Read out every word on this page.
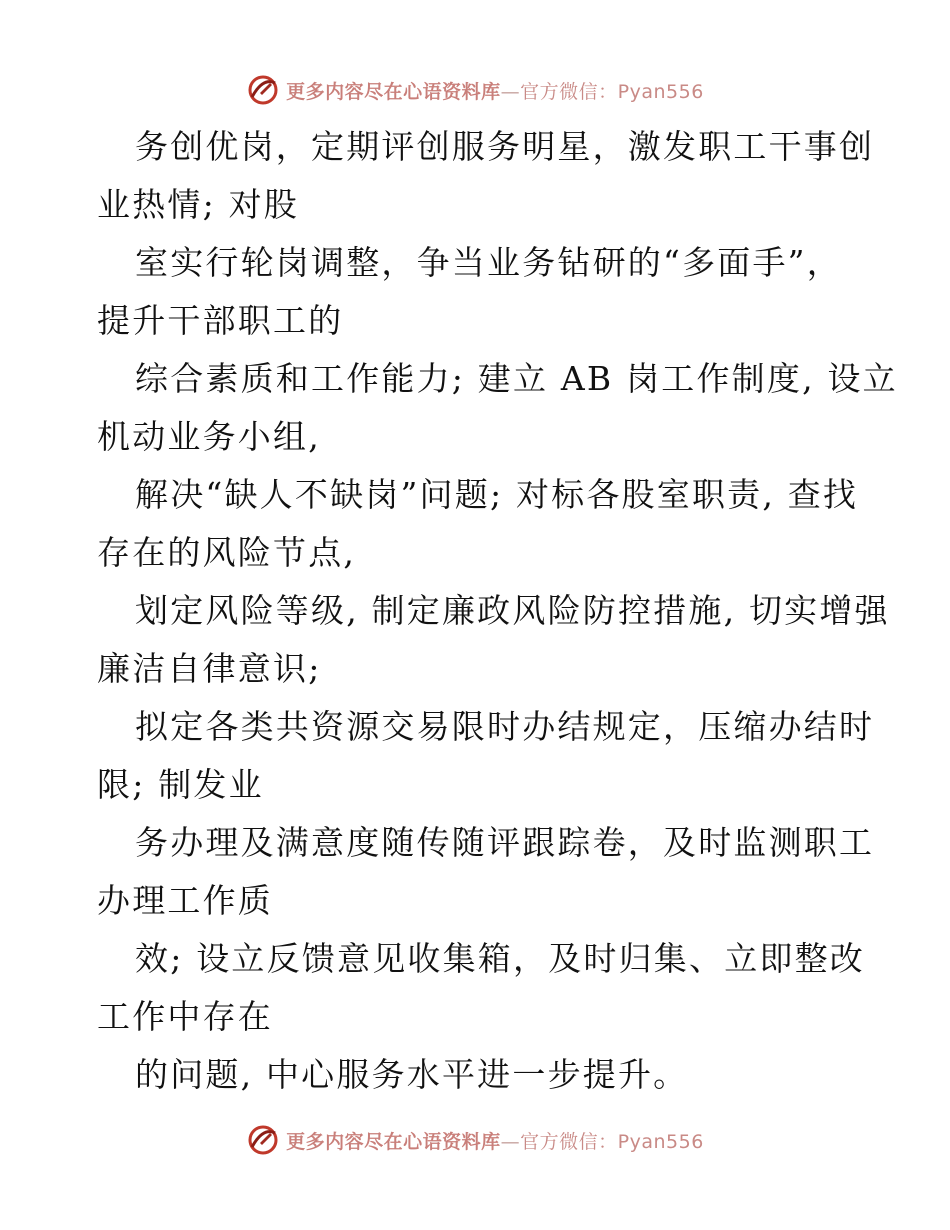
更多内容尽在心语资料库—官方微信：Pyan556
务创优岗，定期评创服务明星，激发职工干事创
业热情; 对股
室实行轮岗调整，争当业务钻研的“多面手”，
提升干部职工的
综合素质和工作能力; 建立 AB 岗工作制度, 设立
机动业务小组,
解决“缺人不缺岗”问题; 对标各股室职责, 查找
存在的风险节点,
划定风险等级, 制定廉政风险防控措施, 切实增强
廉洁自律意识;
拟定各类共资源交易限时办结规定，压缩办结时
限; 制发业
务办理及满意度随传随评跟踪卷，及时监测职工
办理工作质
效; 设立反馈意见收集箱，及时归集、立即整改
工作中存在
的问题, 中心服务水平进一步提升。
更多内容尽在心语资料库—官方微信：Pyan556
